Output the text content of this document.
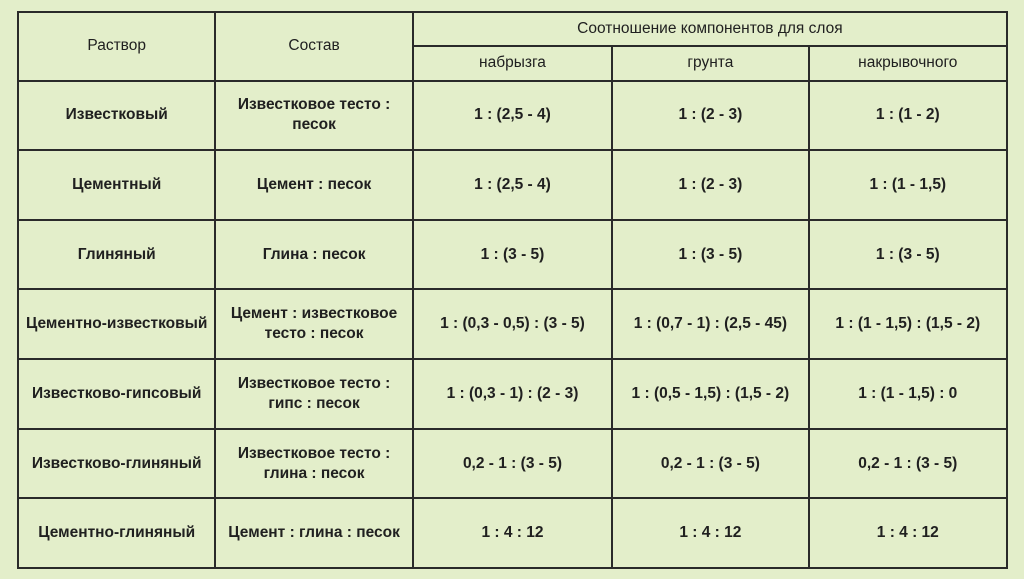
Раствор	Состав	Соотношение компонентов для слоя		
		набрызга	грунта	накрывочного
Известковый	Известковое тесто : песок	1 : (2,5 - 4)	1 : (2 - 3)	1 : (1 - 2)
Цементный	Цемент : песок	1 : (2,5 - 4)	1 : (2 - 3)	1 : (1 - 1,5)
Глиняный	Глина : песок	1 : (3 - 5)	1 : (3 - 5)	1 : (3 - 5)
Цементно-известковый	Цемент : известковое тесто : песок	1 : (0,3 - 0,5) : (3 - 5)	1 : (0,7 - 1) : (2,5 - 45)	1 : (1 - 1,5) : (1,5 - 2)
Известково-гипсовый	Известковое тесто : гипс : песок	1 : (0,3 - 1) : (2 - 3)	1 : (0,5 - 1,5) : (1,5 - 2)	1 : (1 - 1,5) : 0
Известково-глиняный	Известковое тесто : глина : песок	0,2 - 1 : (3 - 5)	0,2 - 1 : (3 - 5)	0,2 - 1 : (3 - 5)
Цементно-глиняный	Цемент : глина : песок	1 : 4 : 12	1 : 4 : 12	1 : 4 : 12
